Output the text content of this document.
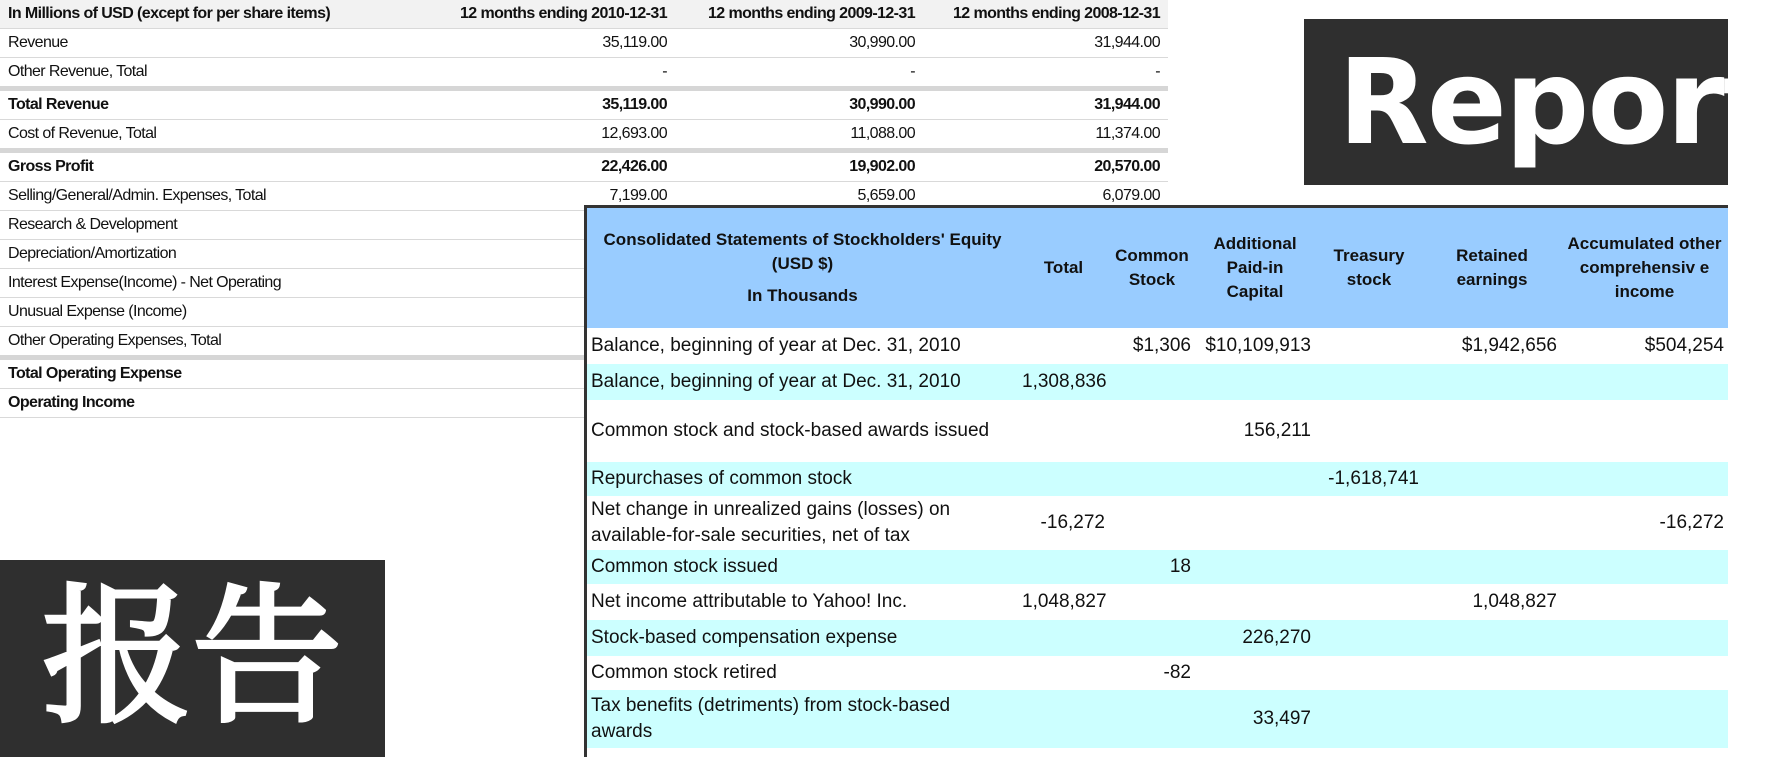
In Millions of USD (except for per share items)	12 months ending 2010-12-31	12 months ending 2009-12-31	12 months ending 2008-12-31
Revenue	35,119.00	30,990.00	31,944.00
Other Revenue, Total	-	-	-
Total Revenue	35,119.00	30,990.00	31,944.00
Cost of Revenue, Total	12,693.00	11,088.00	11,374.00
Gross Profit	22,426.00	19,902.00	20,570.00
Selling/General/Admin. Expenses, Total	7,199.00	5,659.00	6,079.00
Research & Development			
Depreciation/Amortization			
Interest Expense(Income) - Net Operating			
Unusual Expense (Income)			
Other Operating Expenses, Total			
Total Operating Expense			
Operating Income			
Report
报告
Consolidated Statements of Stockholders' Equity (USD $)
In Thousands	Total	Common Stock	Additional Paid-in Capital	Treasury stock	Retained earnings	Accumulated other comprehensiv e income
Balance, beginning of year at Dec. 31, 2010		$1,306	$10,109,913		$1,942,656	$504,254
Balance, beginning of year at Dec. 31, 2010	1,308,836					
Common stock and stock-based awards issued			156,211			
Repurchases of common stock				-1,618,741		
Net change in unrealized gains (losses) on available-for-sale securities, net of tax	-16,272					-16,272
Common stock issued		18				
Net income attributable to Yahoo! Inc.	1,048,827				1,048,827	
Stock-based compensation expense			226,270			
Common stock retired		-82				
Tax benefits (detriments) from stock-based awards			33,497			
